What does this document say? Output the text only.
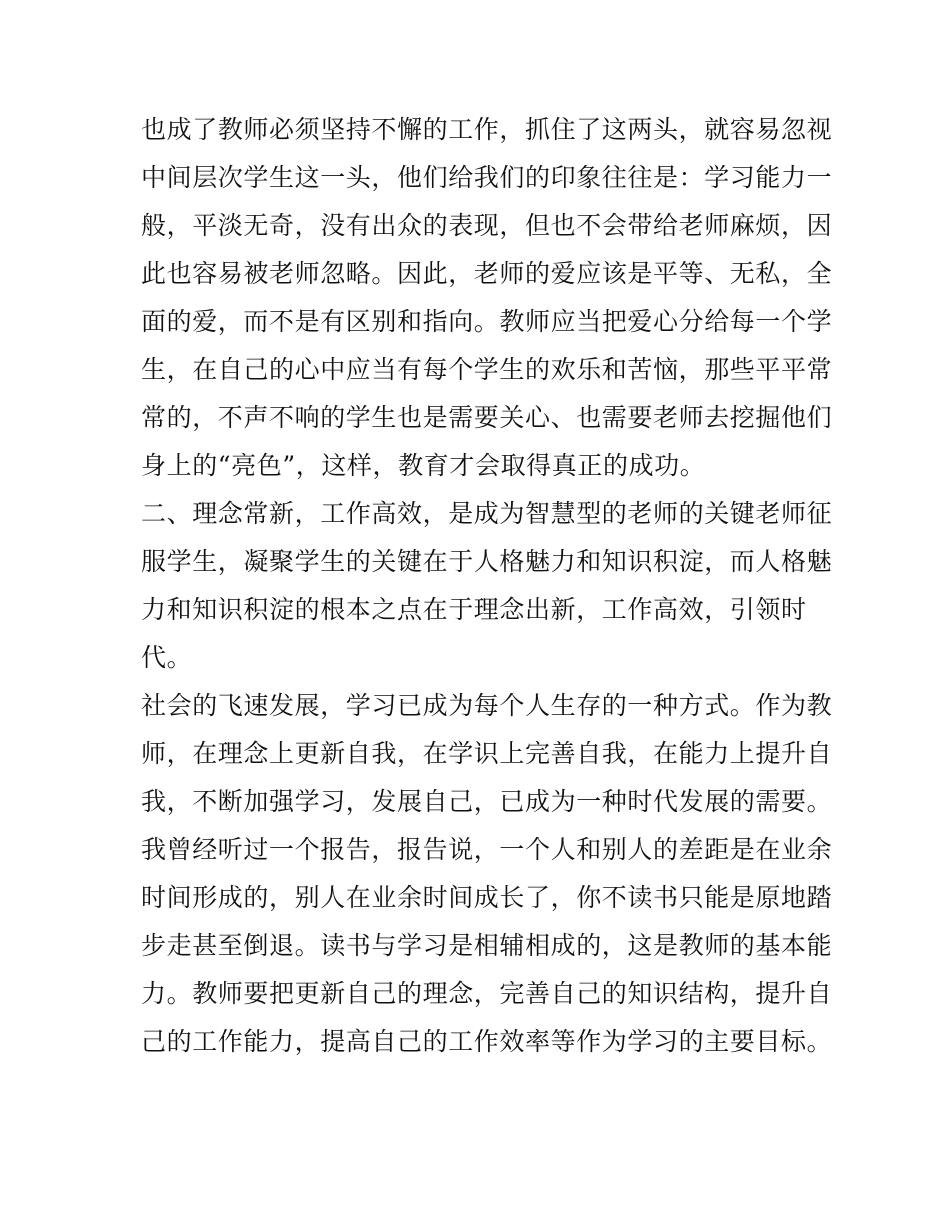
也成了教师必须坚持不懈的工作，抓住了这两头，就容易忽视
中间层次学生这一头，他们给我们的印象往往是：学习能力一
般，平淡无奇，没有出众的表现，但也不会带给老师麻烦，因
此也容易被老师忽略。因此，老师的爱应该是平等、无私，全
面的爱，而不是有区别和指向。教师应当把爱心分给每一个学
生，在自己的心中应当有每个学生的欢乐和苦恼，那些平平常
常的，不声不响的学生也是需要关心、也需要老师去挖掘他们
身上的“亮色”，这样，教育才会取得真正的成功。
二、理念常新，工作高效，是成为智慧型的老师的关键老师征
服学生，凝聚学生的关键在于人格魅力和知识积淀，而人格魅
力和知识积淀的根本之点在于理念出新，工作高效，引领时
代。
社会的飞速发展，学习已成为每个人生存的一种方式。作为教
师，在理念上更新自我，在学识上完善自我，在能力上提升自
我，不断加强学习，发展自己，已成为一种时代发展的需要。
我曾经听过一个报告，报告说，一个人和别人的差距是在业余
时间形成的，别人在业余时间成长了，你不读书只能是原地踏
步走甚至倒退。读书与学习是相辅相成的，这是教师的基本能
力。教师要把更新自己的理念，完善自己的知识结构，提升自
己的工作能力，提高自己的工作效率等作为学习的主要目标。
